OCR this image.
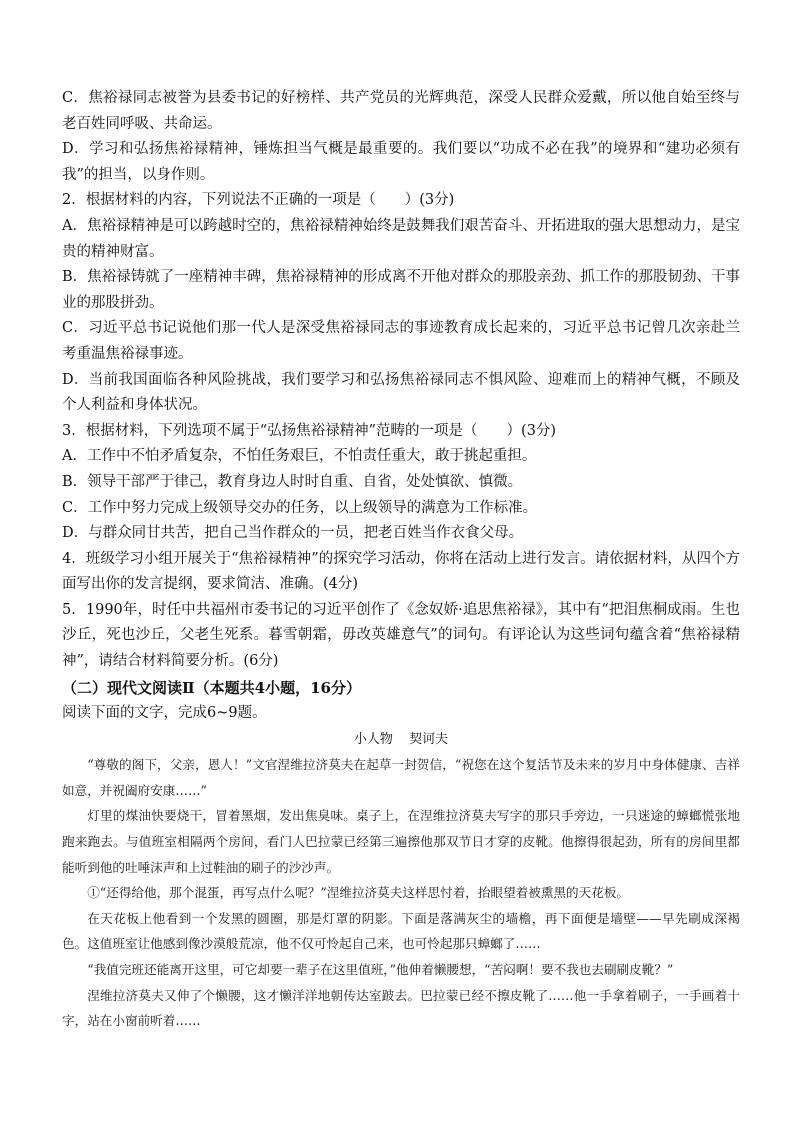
C．焦裕禄同志被誉为县委书记的好榜样、共产党员的光辉典范，深受人民群众爱戴，所以他自始至终与老百姓同呼吸、共命运。

D．学习和弘扬焦裕禄精神，锤炼担当气概是最重要的。我们要以“功成不必在我”的境界和“建功必须有我”的担当，以身作则。

2．根据材料的内容，下列说法不正确的一项是（　　）(3分)

A．焦裕禄精神是可以跨越时空的，焦裕禄精神始终是鼓舞我们艰苦奋斗、开拓进取的强大思想动力，是宝贵的精神财富。

B．焦裕禄铸就了一座精神丰碑，焦裕禄精神的形成离不开他对群众的那股亲劲、抓工作的那股韧劲、干事业的那股拼劲。

C．习近平总书记说他们那一代人是深受焦裕禄同志的事迹教育成长起来的，习近平总书记曾几次亲赴兰考重温焦裕禄事迹。

D．当前我国面临各种风险挑战，我们要学习和弘扬焦裕禄同志不惧风险、迎难而上的精神气概，不顾及个人利益和身体状况。

3．根据材料，下列选项不属于“弘扬焦裕禄精神”范畴的一项是（　　）(3分)

A．工作中不怕矛盾复杂，不怕任务艰巨，不怕责任重大，敢于挑起重担。

B．领导干部严于律己，教育身边人时时自重、自省，处处慎欲、慎微。

C．工作中努力完成上级领导交办的任务，以上级领导的满意为工作标准。

D．与群众同甘共苦，把自己当作群众的一员，把老百姓当作衣食父母。

4．班级学习小组开展关于“焦裕禄精神”的探究学习活动，你将在活动上进行发言。请依据材料，从四个方面写出你的发言提纲，要求简洁、准确。(4分)

5．1990年，时任中共福州市委书记的习近平创作了《念奴娇·追思焦裕禄》，其中有“把泪焦桐成雨。生也沙丘，死也沙丘，父老生死系。暮雪朝霜，毋改英雄意气”的词句。有评论认为这些词句蕴含着“焦裕禄精神”，请结合材料简要分析。(6分)

（二）现代文阅读Ⅱ（本题共4小题，16分）

阅读下面的文字，完成6~9题。

小人物 契诃夫

“尊敬的阁下，父亲，恩人！”文官涅维拉济莫夫在起草一封贺信，“祝您在这个复活节及未来的岁月中身体健康、吉祥如意，并祝阖府安康……”

灯里的煤油快要烧干，冒着黑烟，发出焦臭味。桌子上，在涅维拉济莫夫写字的那只手旁边，一只迷途的蟑螂慌张地跑来跑去。与值班室相隔两个房间，看门人巴拉蒙已经第三遍擦他那双节日才穿的皮靴。他擦得很起劲，所有的房间里都能听到他的吐唾沫声和上过鞋油的刷子的沙沙声。

①“还得给他，那个混蛋，再写点什么呢？”涅维拉济莫夫这样思忖着，抬眼望着被熏黑的天花板。

在天花板上他看到一个发黑的圆圈，那是灯罩的阴影。下面是落满灰尘的墙檐，再下面便是墙壁——早先刷成深褐色。这值班室让他感到像沙漠般荒凉，他不仅可怜起自己来，也可怜起那只蟑螂了……

“我值完班还能离开这里，可它却要一辈子在这里值班，”他伸着懒腰想，“苦闷啊！要不我也去刷刷皮靴？”

涅维拉济莫夫又伸了个懒腰，这才懒洋洋地朝传达室跛去。巴拉蒙已经不擦皮靴了……他一手拿着刷子，一手画着十字，站在小窗前听着……
